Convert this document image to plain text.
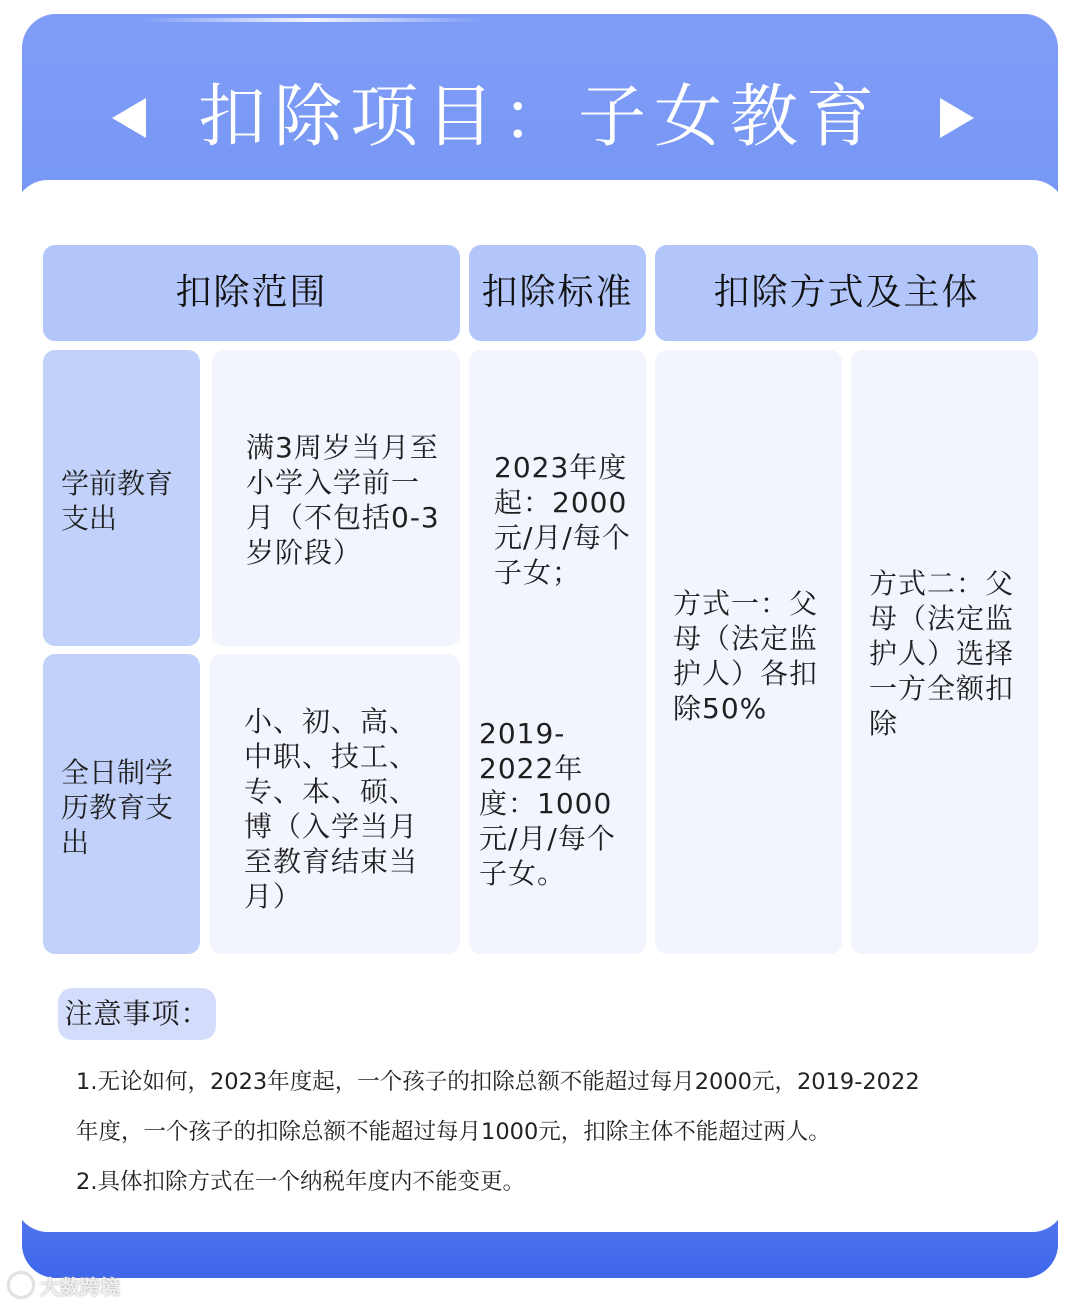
扣除项目：子女教育
扣除范围	扣除标准	扣除方式及主体
学前教育支出
满3周岁当月至小学入学前一月（不包括0-3岁阶段）
全日制学历教育支出
小、初、高、中职、技工、专、本、硕、博（入学当月至教育结束当月）
2023年度起：2000元/月/每个子女；
2019- 2022年度：1000元/月/每个子女。
方式一：父母（法定监护人）各扣除50%
方式二：父母（法定监护人）选择一方全额扣除
注意事项：
1.无论如何，2023年度起，一个孩子的扣除总额不能超过每月2000元，2019-2022
年度，一个孩子的扣除总额不能超过每月1000元，扣除主体不能超过两人。
2.具体扣除方式在一个纳税年度内不能变更。
大数跨境
